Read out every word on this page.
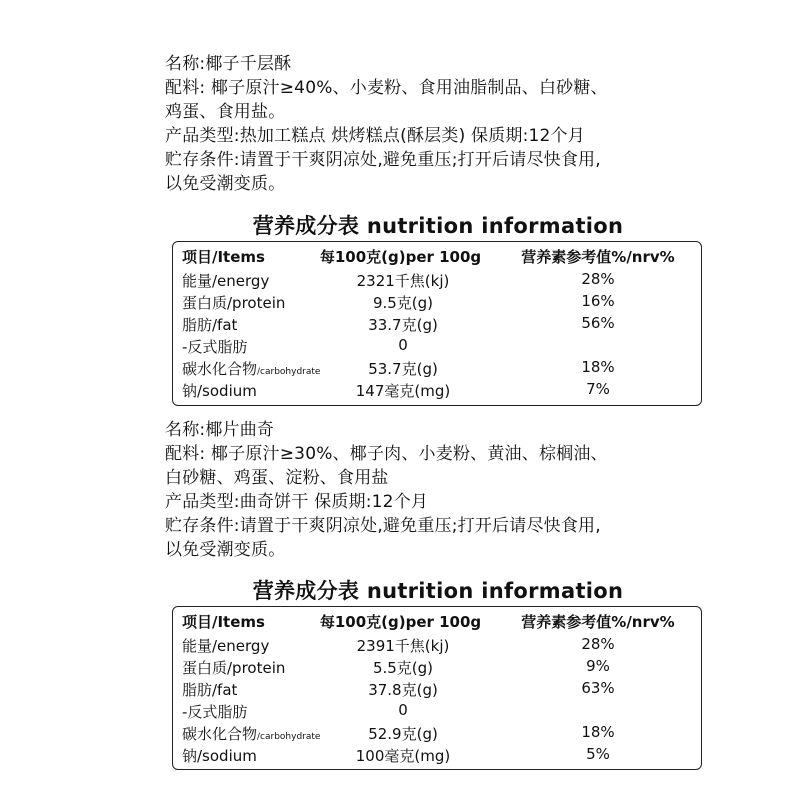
名称:椰子千层酥
配料: 椰子原汁≥40%、小麦粉、食用油脂制品、白砂糖、
鸡蛋、食用盐。
产品类型:热加工糕点 烘烤糕点(酥层类) 保质期:12个月
贮存条件:请置于干爽阴凉处,避免重压;打开后请尽快食用,
以免受潮变质。
营养成分表 nutrition information
项目/Items	每100克(g)per 100g	营养素参考值%/nrv%
能量/energy	2321千焦(kj)	28%
蛋白质/protein	9.5克(g)	16%
脂肪/fat	33.7克(g)	56%
-反式脂肪	0
碳水化合物/carbohydrate	53.7克(g)	18%
钠/sodium	147毫克(mg)	7%
名称:椰片曲奇
配料: 椰子原汁≥30%、椰子肉、小麦粉、黄油、棕榈油、
白砂糖、鸡蛋、淀粉、食用盐
产品类型:曲奇饼干 保质期:12个月
贮存条件:请置于干爽阴凉处,避免重压;打开后请尽快食用,
以免受潮变质。
营养成分表 nutrition information
项目/Items	每100克(g)per 100g	营养素参考值%/nrv%
能量/energy	2391千焦(kj)	28%
蛋白质/protein	5.5克(g)	9%
脂肪/fat	37.8克(g)	63%
-反式脂肪	0
碳水化合物/carbohydrate	52.9克(g)	18%
钠/sodium	100毫克(mg)	5%
